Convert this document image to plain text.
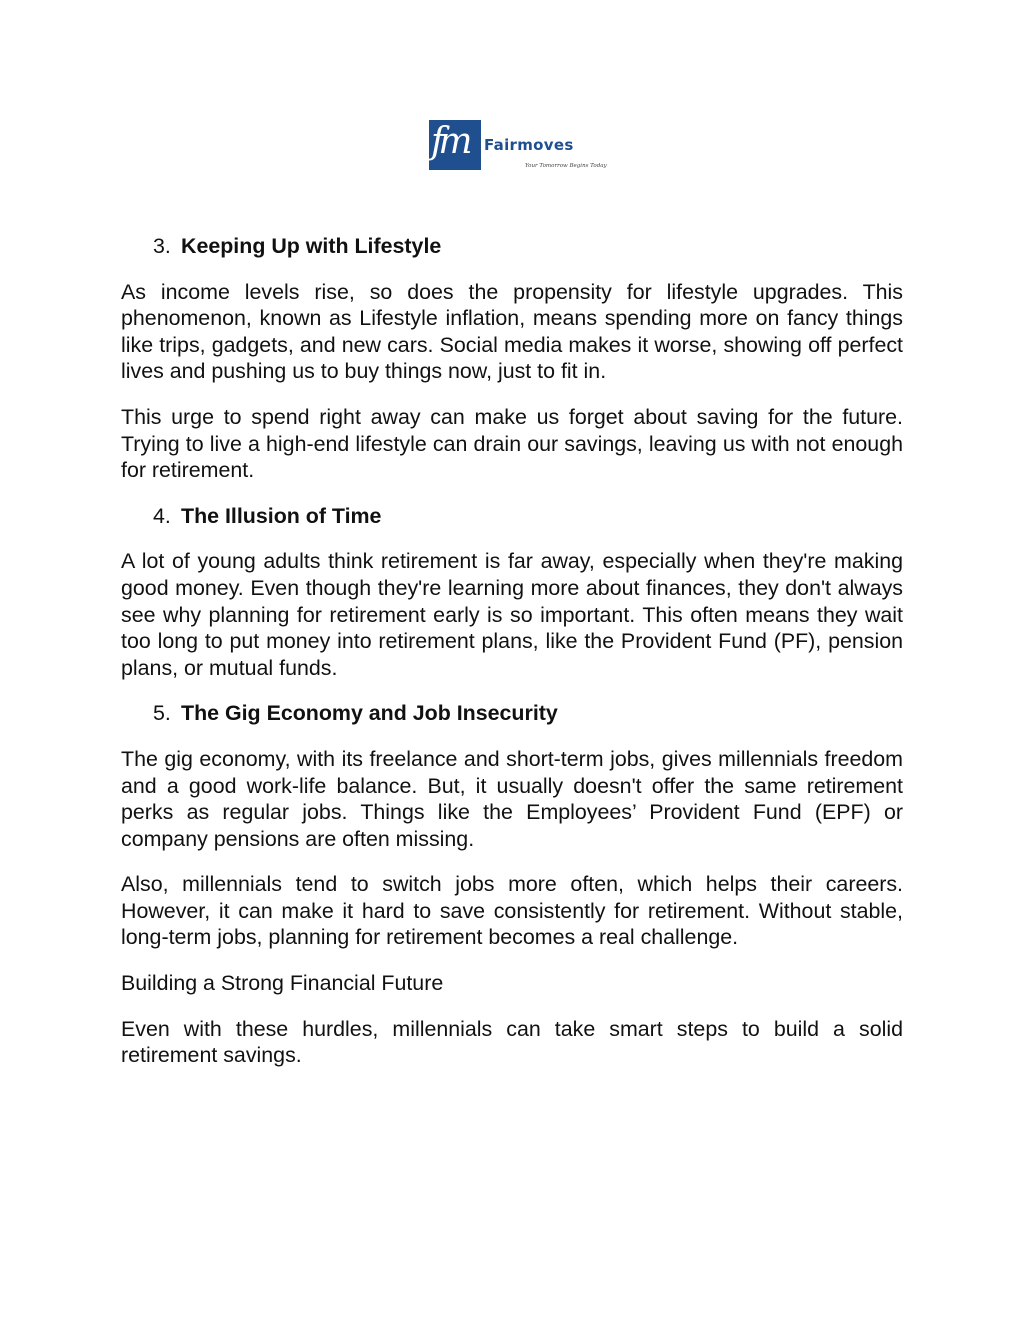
fm Fairmoves
Your Tomorrow Begins Today

3. Keeping Up with Lifestyle

As income levels rise, so does the propensity for lifestyle upgrades. This phenomenon, known as Lifestyle inflation, means spending more on fancy things like trips, gadgets, and new cars. Social media makes it worse, showing off perfect lives and pushing us to buy things now, just to fit in.

This urge to spend right away can make us forget about saving for the future. Trying to live a high-end lifestyle can drain our savings, leaving us with not enough for retirement.

4. The Illusion of Time

A lot of young adults think retirement is far away, especially when they're making good money. Even though they're learning more about finances, they don't always see why planning for retirement early is so important. This often means they wait too long to put money into retirement plans, like the Provident Fund (PF), pension plans, or mutual funds.

5. The Gig Economy and Job Insecurity

The gig economy, with its freelance and short-term jobs, gives millennials freedom and a good work-life balance. But, it usually doesn't offer the same retirement perks as regular jobs. Things like the Employees’ Provident Fund (EPF) or company pensions are often missing.

Also, millennials tend to switch jobs more often, which helps their careers. However, it can make it hard to save consistently for retirement. Without stable, long-term jobs, planning for retirement becomes a real challenge.

Building a Strong Financial Future

Even with these hurdles, millennials can take smart steps to build a solid retirement savings.
